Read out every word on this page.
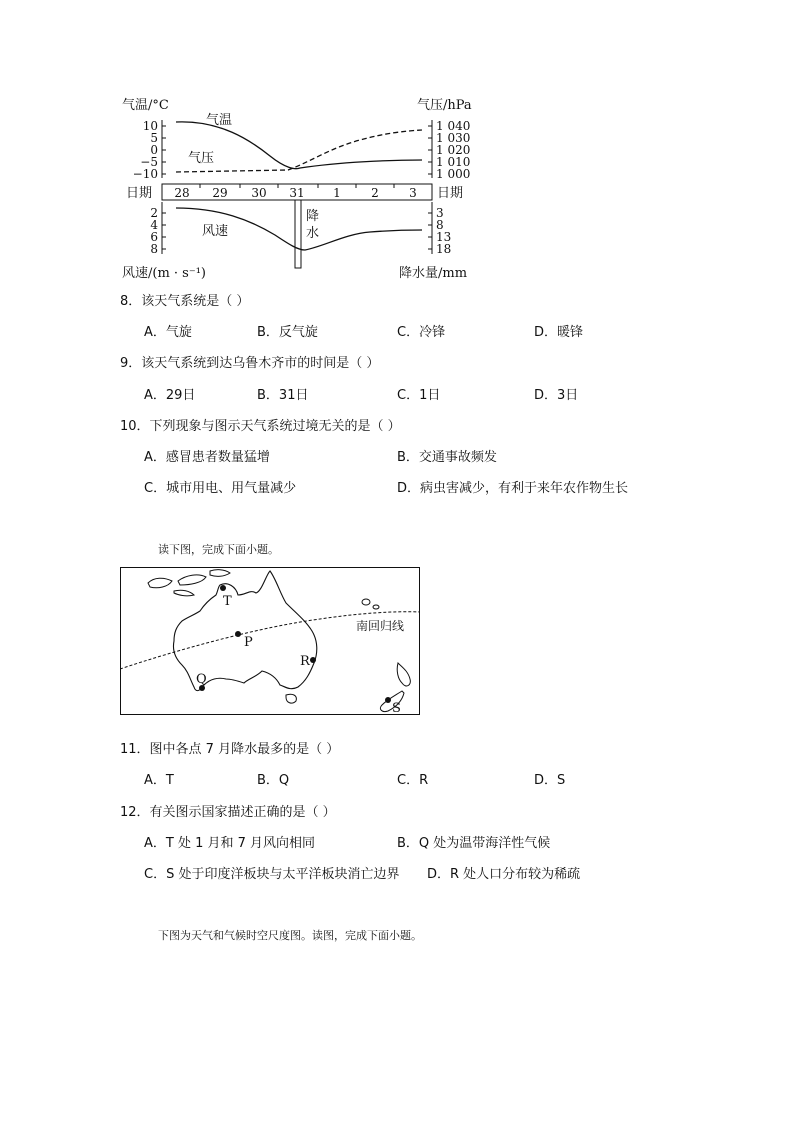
气温/°C	气压/hPa
10
5
0
−5
−10
1 040
1 030
1 020
1 010
1 000
气温
气压
日期	日期
28 29 30 31 1	2	3
2
4
6
8
3
8
13
18
风速
降
水
风速/(m · s⁻¹)	降水量/mm
8．该天气系统是（ ）
A．气旋	B．反气旋	C．冷锋	D．暖锋
9．该天气系统到达乌鲁木齐市的时间是（ ）
A．29日	B．31日	C．1日	D．3日
10．下列现象与图示天气系统过境无关的是（ ）
A．感冒患者数量猛增	B．交通事故频发
C．城市用电、用气量减少	D．病虫害减少，有利于来年农作物生长
读下图，完成下面小题。
南回归线
T
P
Q
R
S
11．图中各点 7 月降水最多的是（ ）
A．T	B．Q	C．R	D．S
12．有关图示国家描述正确的是（ ）
A．T 处 1 月和 7 月风向相同	B．Q 处为温带海洋性气候
C．S 处于印度洋板块与太平洋板块消亡边界 D．R 处人口分布较为稀疏
下图为天气和气候时空尺度图。读图，完成下面小题。
